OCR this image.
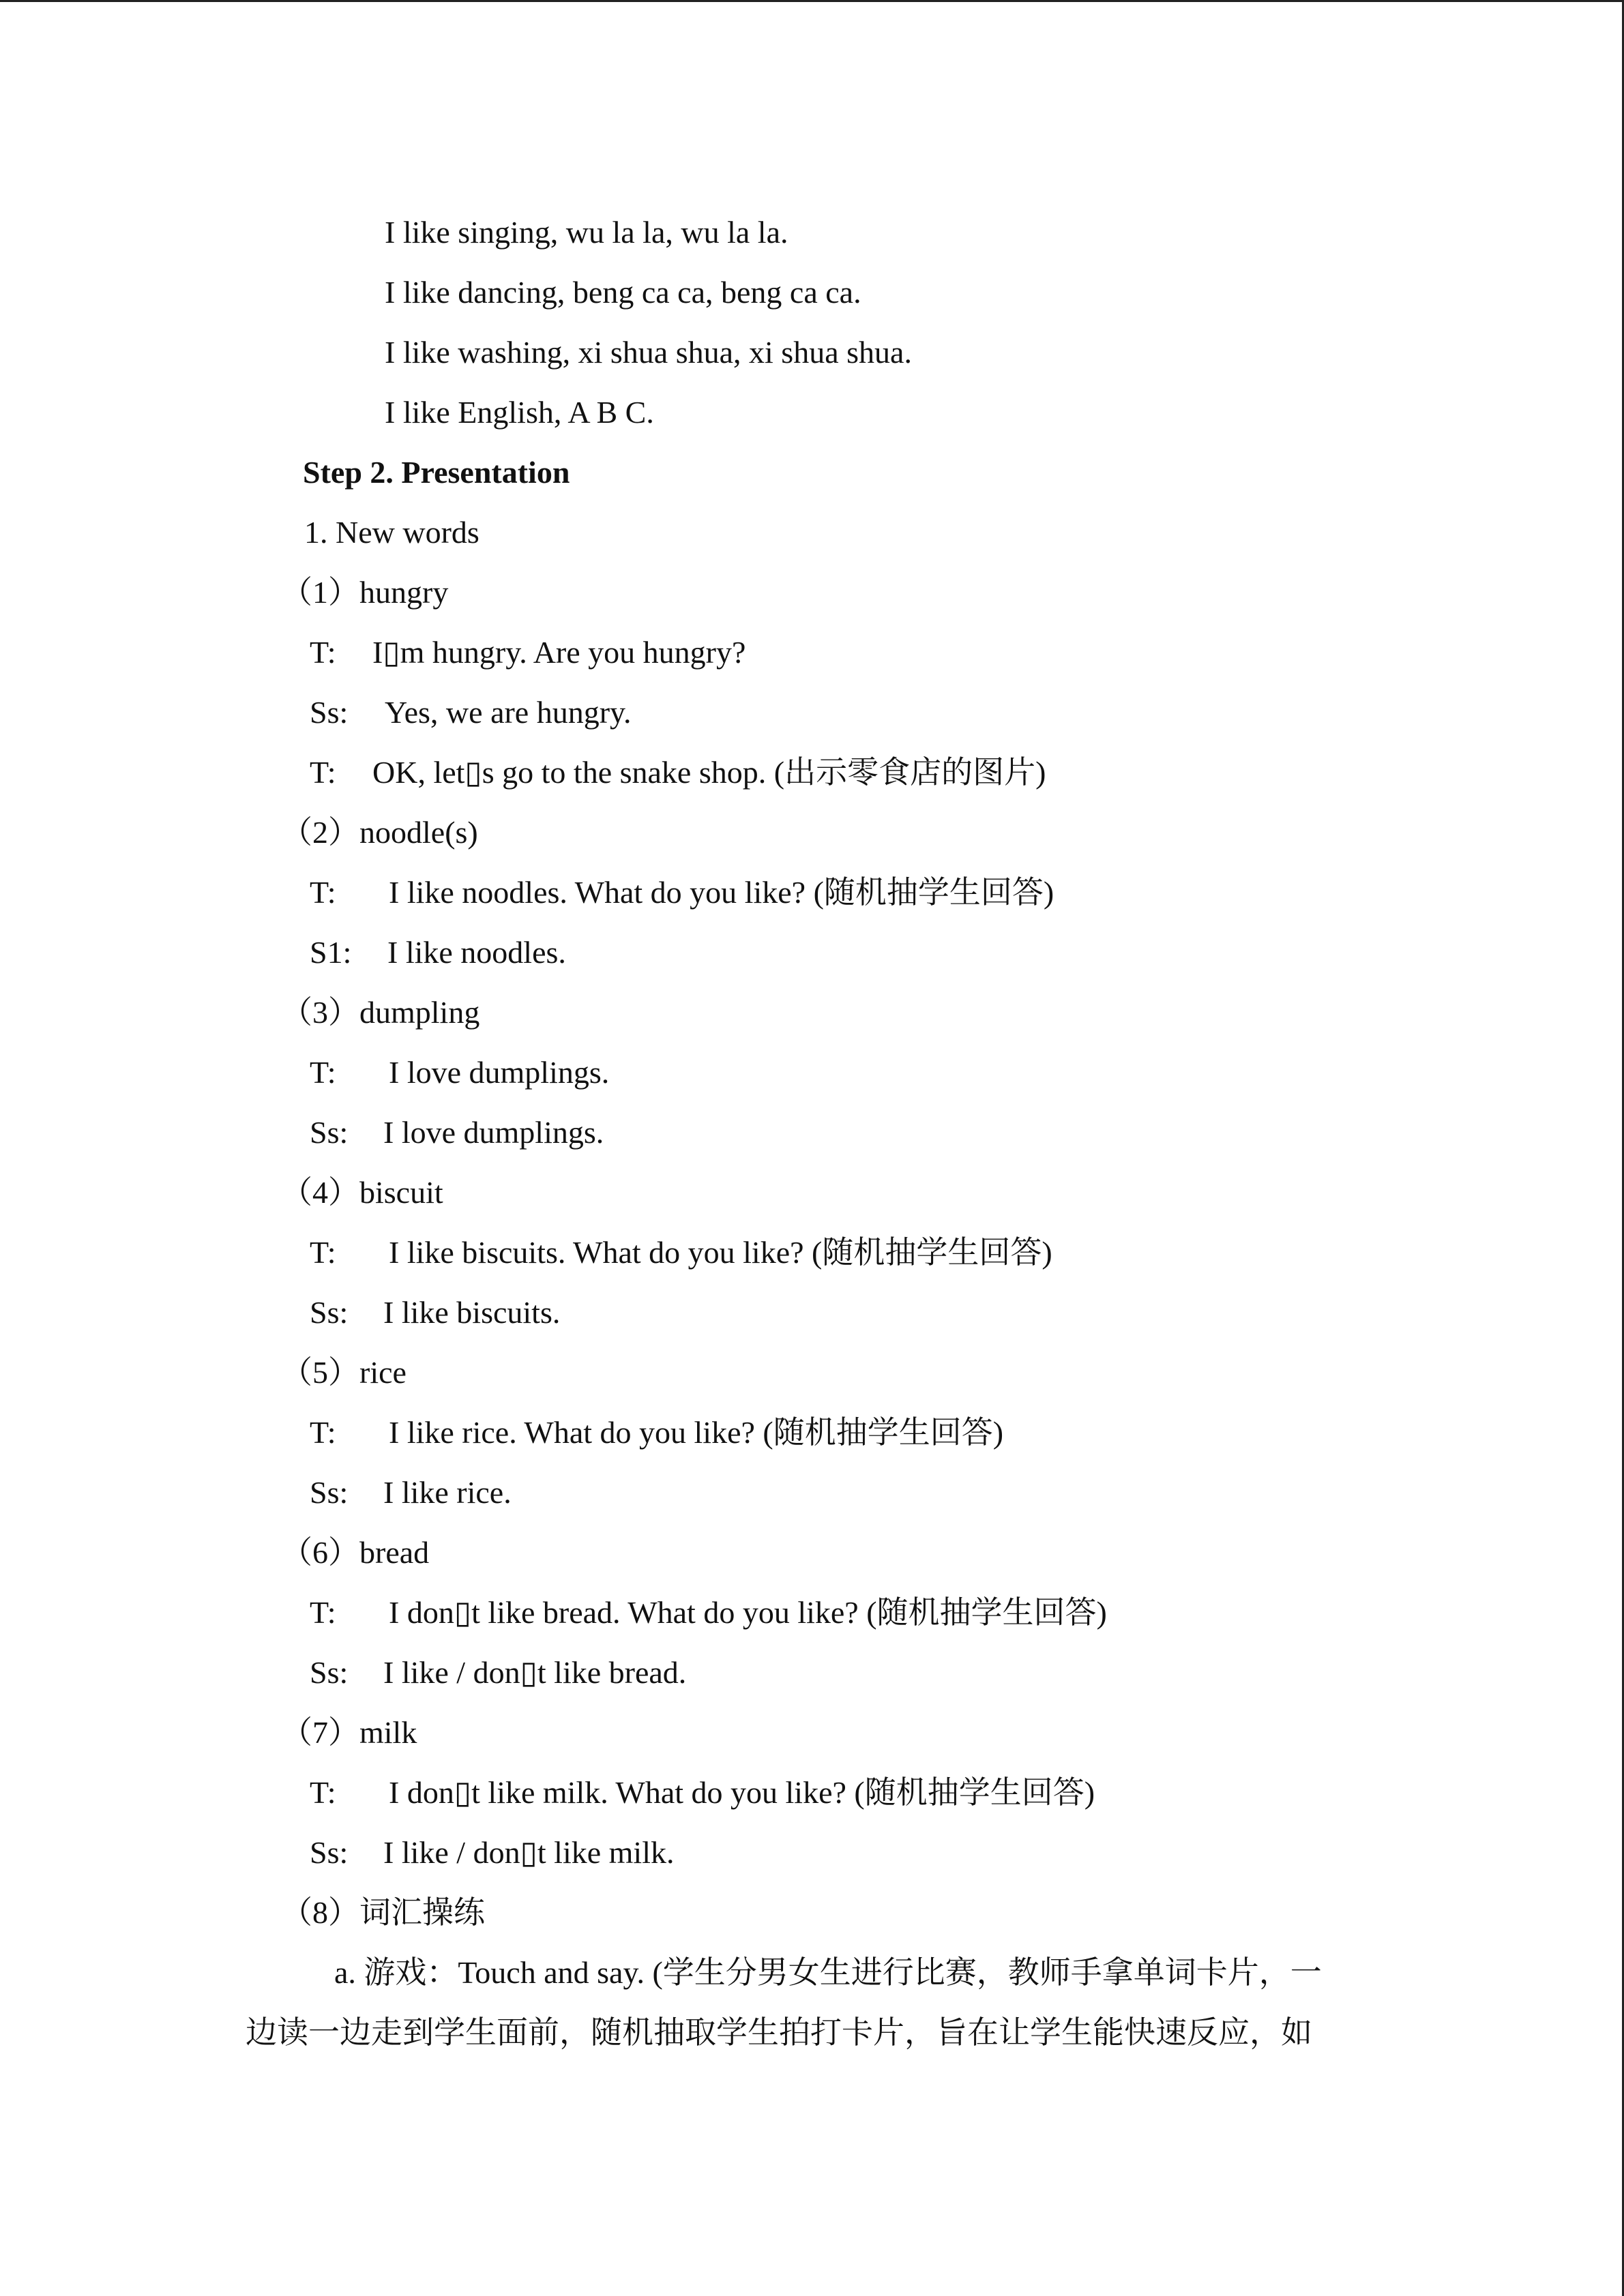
I like singing, wu la la, wu la la.
I like dancing, beng ca ca, beng ca ca.
I like washing, xi shua shua, xi shua shua.
I like English, A B C.
Step 2. Presentation
1. New words
（1）hungry
T: I▯m hungry. Are you hungry?
Ss: Yes, we are hungry.
T: OK, let▯s go to the snake shop. (出示零食店的图片)
（2）noodle(s)
T: I like noodles. What do you like? (随机抽学生回答)
S1: I like noodles.
（3）dumpling
T: I love dumplings.
Ss: I love dumplings.
（4）biscuit
T: I like biscuits. What do you like? (随机抽学生回答)
Ss: I like biscuits.
（5）rice
T: I like rice. What do you like? (随机抽学生回答)
Ss: I like rice.
（6）bread
T: I don▯t like bread. What do you like? (随机抽学生回答)
Ss: I like / don▯t like bread.
（7）milk
T: I don▯t like milk. What do you like? (随机抽学生回答)
Ss: I like / don▯t like milk.
（8）词汇操练
a. 游戏：Touch and say. (学生分男女生进行比赛，教师手拿单词卡片，一
边读一边走到学生面前，随机抽取学生拍打卡片，旨在让学生能快速反应，如
